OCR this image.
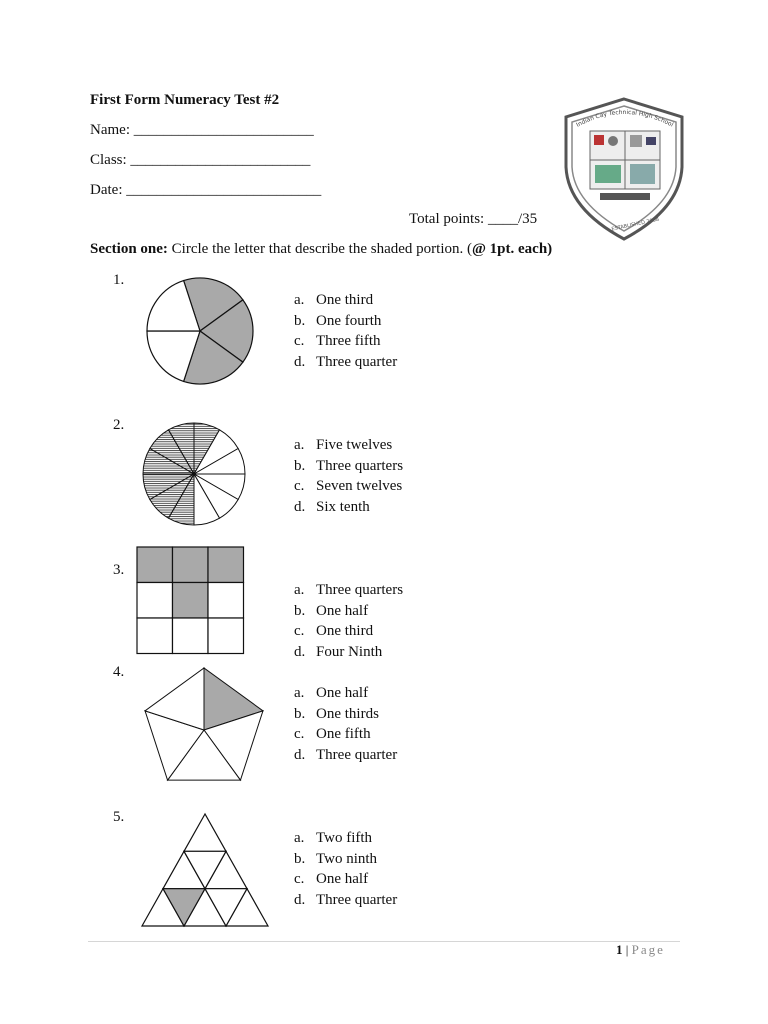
First Form Numeracy Test #2
Name: ________________________
Class: ________________________
Date: __________________________
Total points: ____/35
Indian Cay Technical High School
ESTABLISHED 2008
Section one: Circle the letter that describe the shaded portion. (@ 1pt. each)
1.
a. One third
b. One fourth
c. Three fifth
d. Three quarter
2.
a. Five twelves
b. Three quarters
c. Seven twelves
d. Six tenth
3.
a. Three quarters
b. One half
c. One third
d. Four Ninth
4.
a. One half
b. One thirds
c. One fifth
d. Three quarter
5.
a. Two fifth
b. Two ninth
c. One half
d. Three quarter
1 | Page
